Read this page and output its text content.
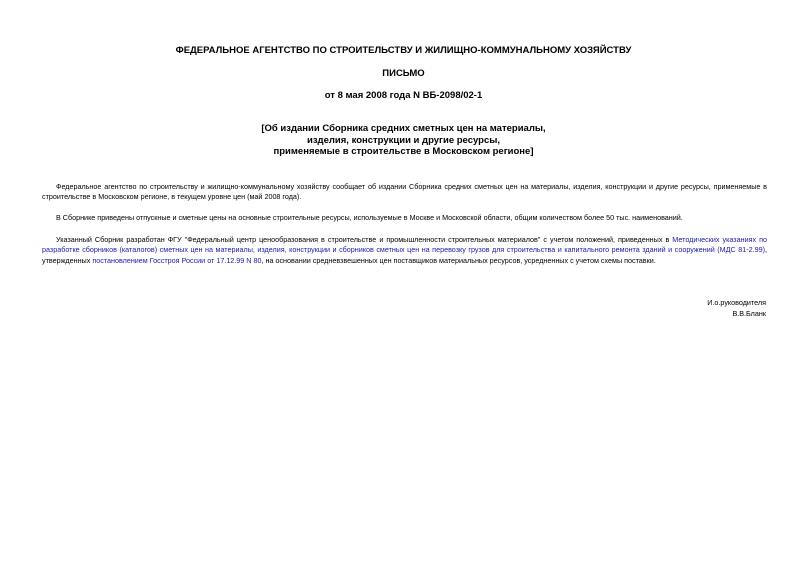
ФЕДЕРАЛЬНОЕ АГЕНТСТВО ПО СТРОИТЕЛЬСТВУ И ЖИЛИЩНО-КОММУНАЛЬНОМУ ХОЗЯЙСТВУ
ПИСЬМО
от 8 мая 2008 года N ВБ-2098/02-1
[Об издании Сборника средних сметных цен на материалы,
изделия, конструкции и другие ресурсы,
применяемые в строительстве в Московском регионе]

Федеральное агентство по строительству и жилищно-коммунальному хозяйству сообщает об издании Сборника средних сметных цен на материалы, изделия, конструкции и другие ресурсы, применяемые в строительстве в Московском регионе, в текущем уровне цен (май 2008 года).

В Сборнике приведены отпускные и сметные цены на основные строительные ресурсы, используемые в Москве и Московской области, общим количеством более 50 тыс. наименований.

Указанный Сборник разработан ФГУ "Федеральный центр ценообразования в строительстве и промышленности строительных материалов" с учетом положений, приведенных в Методических указаниях по разработке сборников (каталогов) сметных цен на материалы, изделия, конструкции и сборников сметных цен на перевозку грузов для строительства и капитального ремонта зданий и сооружений (МДС 81-2.99), утвержденных постановлением Госстроя России от 17.12.99 N 80, на основании средневзвешенных цен поставщиков материальных ресурсов, усредненных с учетом схемы поставки.

И.о.руководителя
В.В.Бланк
